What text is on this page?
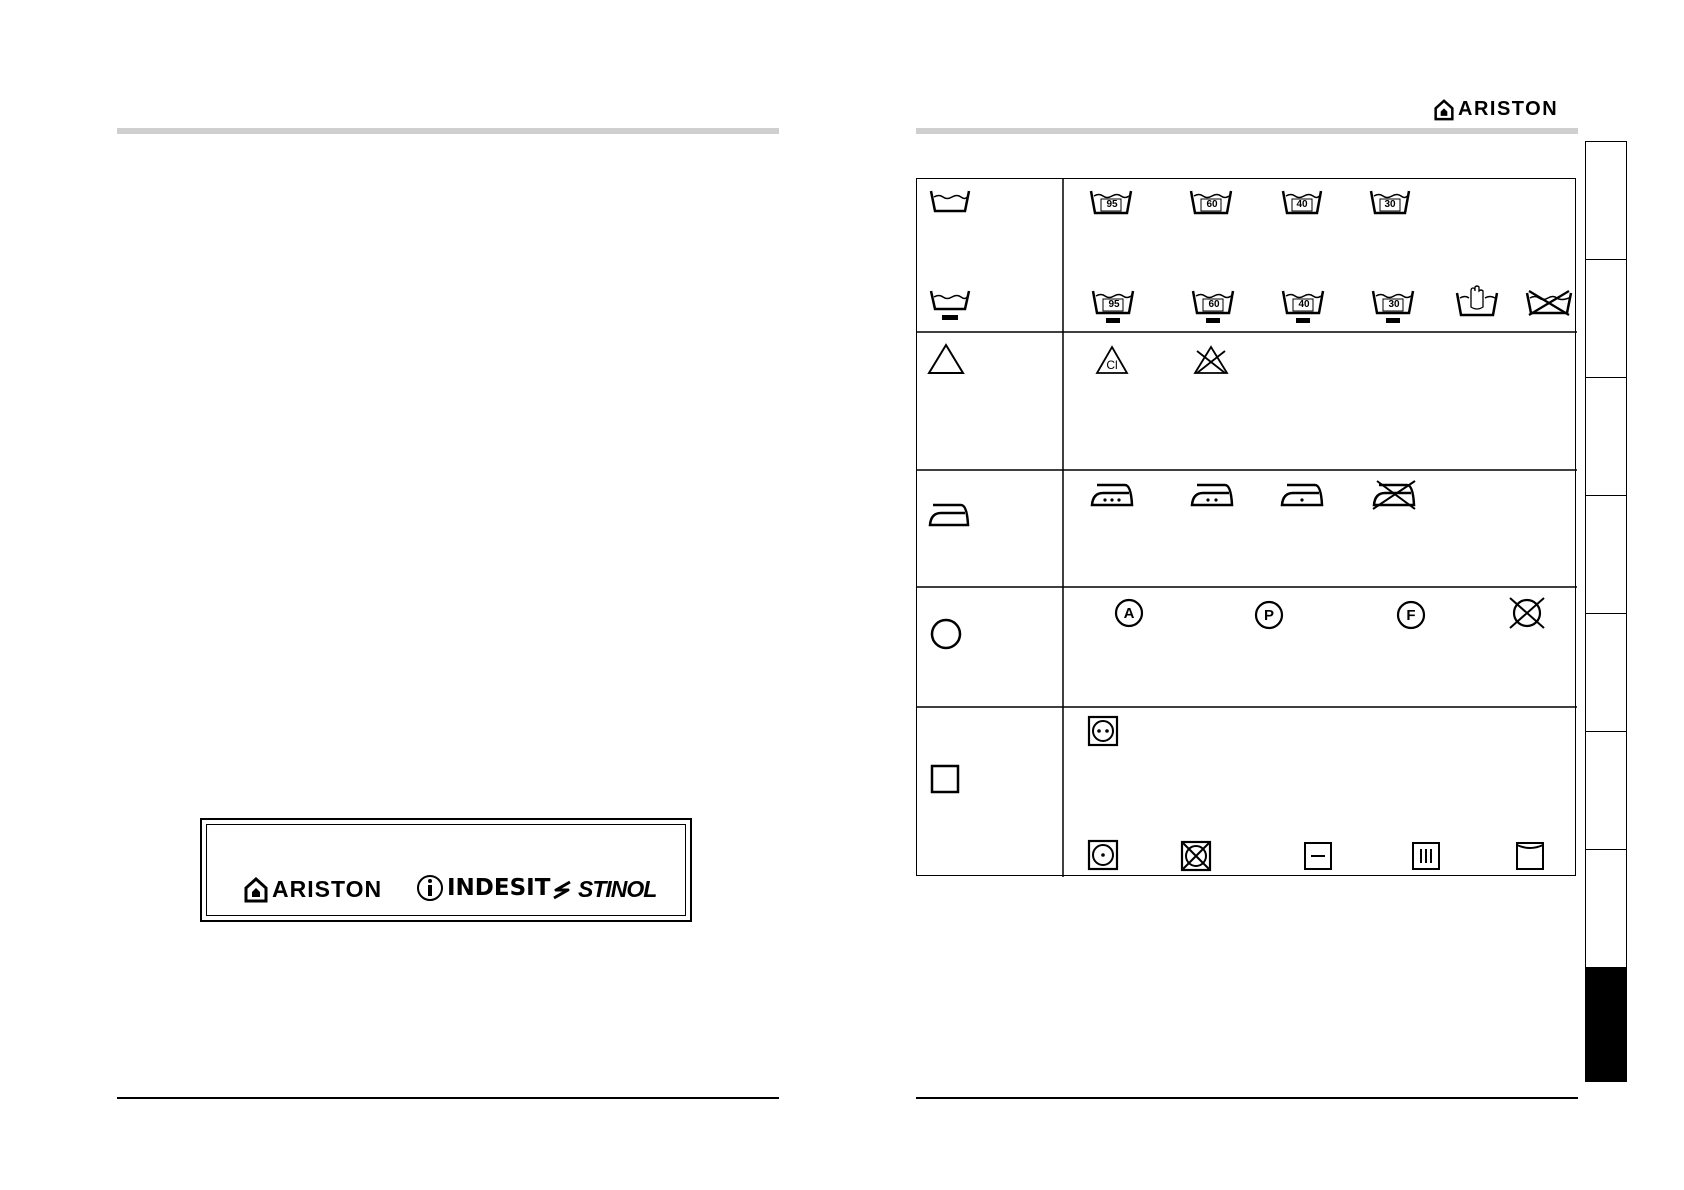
ARISTON	INDESIT STINOL
ARISTON
95	60	40	30
95	60	40	30
Cl
A	P	F
